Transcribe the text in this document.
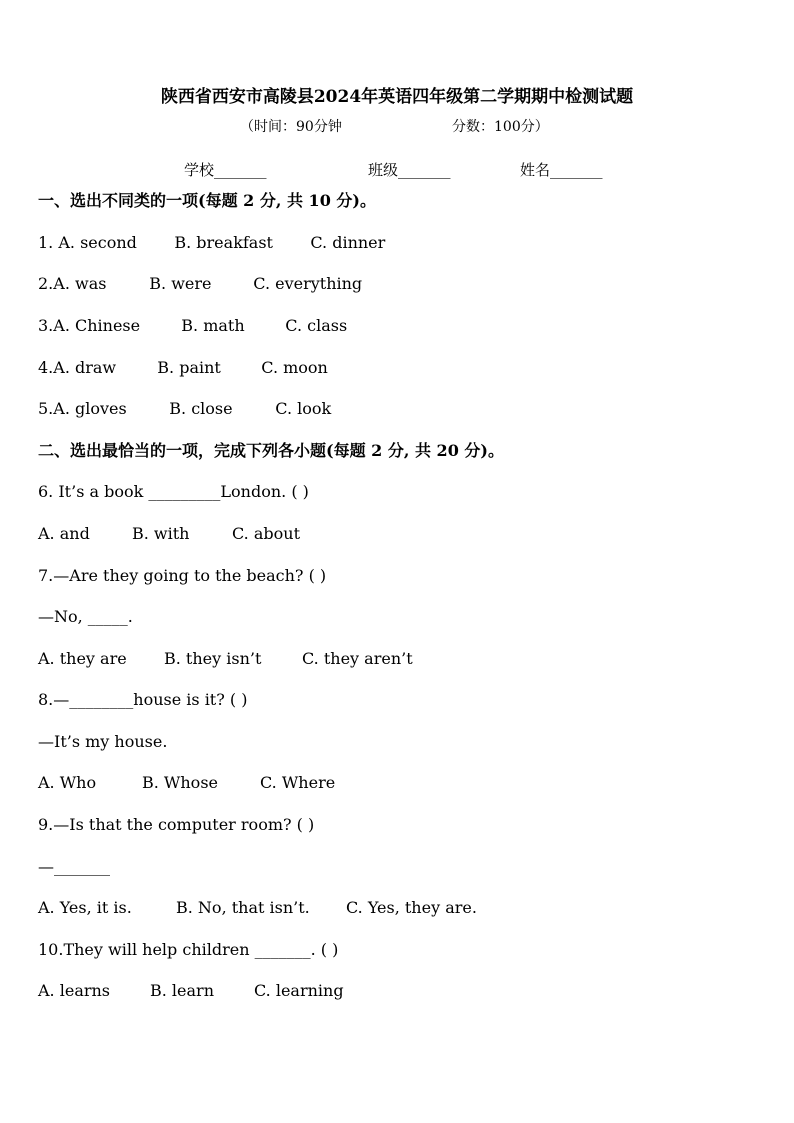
陕西省西安市高陵县2024年英语四年级第二学期期中检测试题
（时间：90分钟	分数：100分）
学校_______	班级_______	姓名_______
一、选出不同类的一项(每题 2 分, 共 10 分)。
1. A. second B. breakfast C. dinner
2.A. was	B. were	C. everything
3.A. Chinese	B. math	C. class
4.A. draw	B. paint	C. moon
5.A. gloves	B. close	C. look
二、选出最恰当的一项，完成下列各小题(每题 2 分, 共 20 分)。
6. It’s a book _________London. ( )
A. and	B. with	C. about
7.—Are they going to the beach? ( )
—No, _____.
A. they are B. they isn’t	C. they aren’t
8.—________house is it? ( )
—It’s my house.
A. Who	B. Whose	C. Where
9.—Is that the computer room? ( )
—_______
A. Yes, it is.	B. No, that isn’t. C. Yes, they are.
10.They will help children _______. ( )
A. learns B. learn C. learning
